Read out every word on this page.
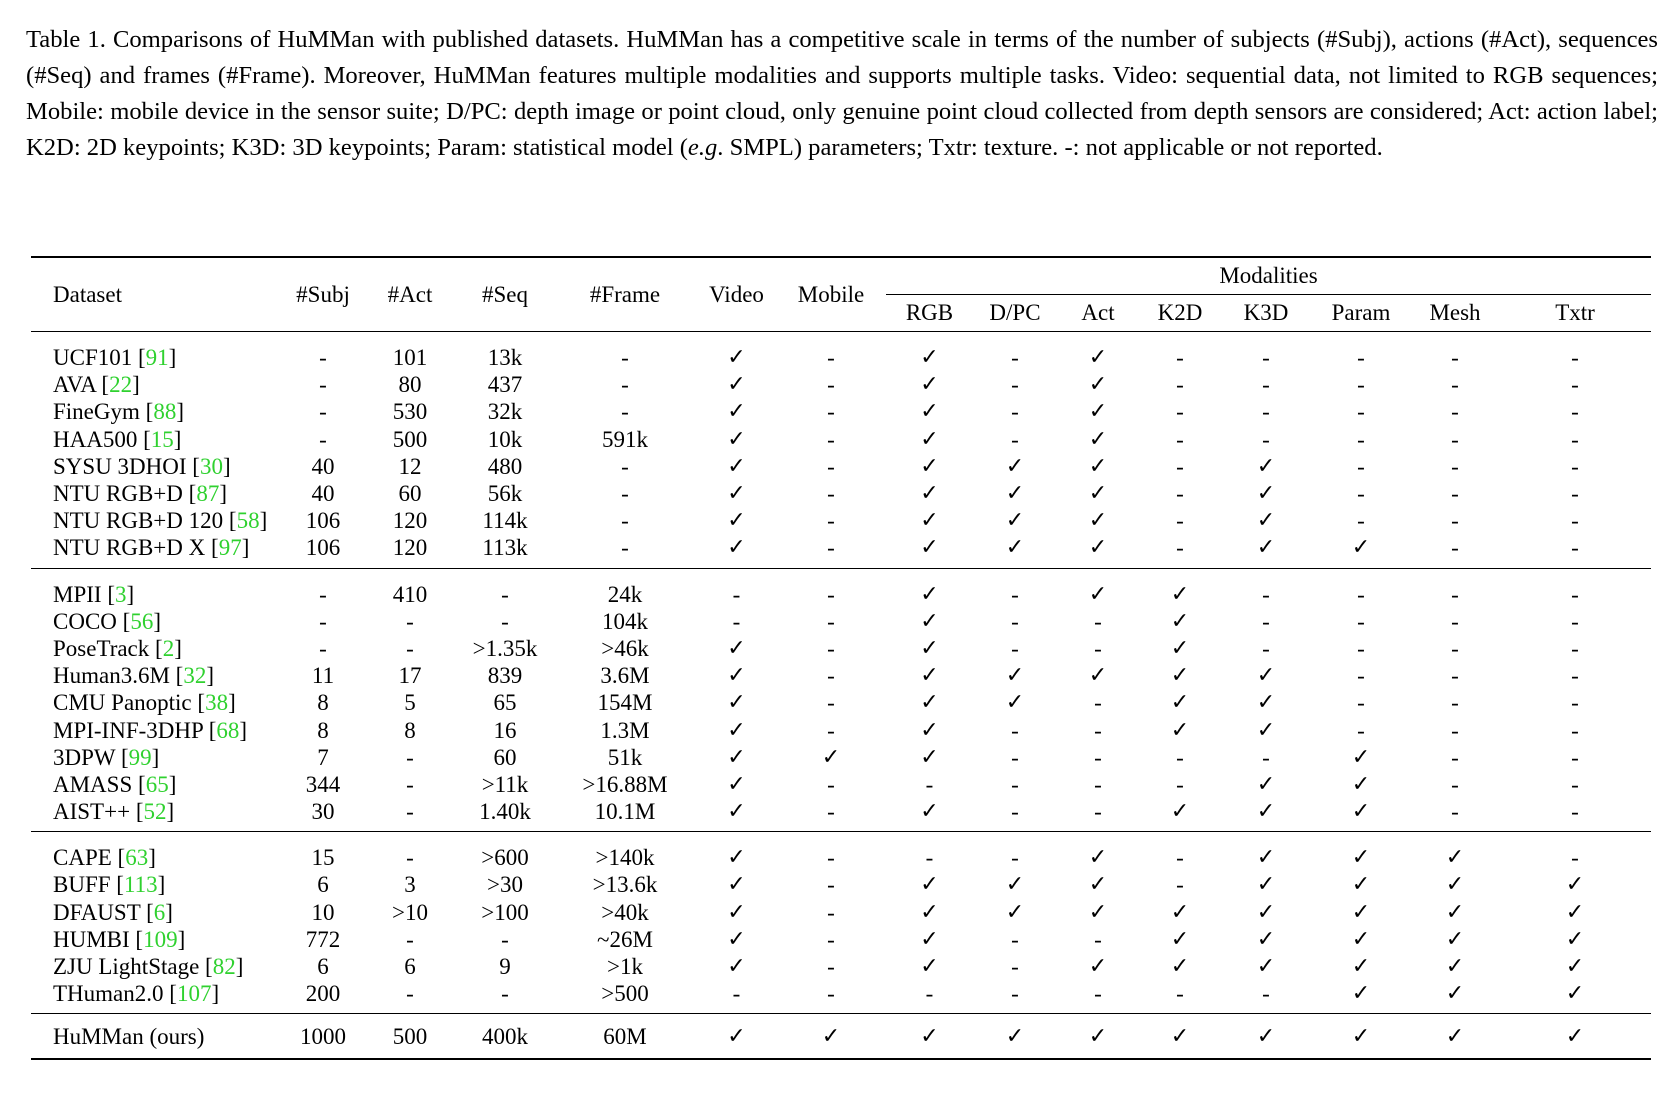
Table 1. Comparisons of HuMMan with published datasets. HuMMan has a competitive scale in terms of the number of subjects (#Subj), actions (#Act), sequences (#Seq) and frames (#Frame). Moreover, HuMMan features multiple modalities and supports multiple tasks. Video: sequential data, not limited to RGB sequences; Mobile: mobile device in the sensor suite; D/PC: depth image or point cloud, only genuine point cloud collected from depth sensors are considered; Act: action label; K2D: 2D keypoints; K3D: 3D keypoints; Param: statistical model (e.g. SMPL) parameters; Txtr: texture. -: not applicable or not reported.
Dataset	#Subj	#Act	#Seq	#Frame	Video	Mobile	Modalities							
							RGB	D/PC	Act	K2D	K3D	Param	Mesh	Txtr
UCF101 [91]	-	101	13k	-	✓	-	✓	-	✓	-	-	-	-	-
AVA [22]	-	80	437	-	✓	-	✓	-	✓	-	-	-	-	-
FineGym [88]	-	530	32k	-	✓	-	✓	-	✓	-	-	-	-	-
HAA500 [15]	-	500	10k	591k	✓	-	✓	-	✓	-	-	-	-	-
SYSU 3DHOI [30]	40	12	480	-	✓	-	✓	✓	✓	-	✓	-	-	-
NTU RGB+D [87]	40	60	56k	-	✓	-	✓	✓	✓	-	✓	-	-	-
NTU RGB+D 120 [58]	106	120	114k	-	✓	-	✓	✓	✓	-	✓	-	-	-
NTU RGB+D X [97]	106	120	113k	-	✓	-	✓	✓	✓	-	✓	✓	-	-
MPII [3]	-	410	-	24k	-	-	✓	-	✓	✓	-	-	-	-
COCO [56]	-	-	-	104k	-	-	✓	-	-	✓	-	-	-	-
PoseTrack [2]	-	-	>1.35k	>46k	✓	-	✓	-	-	✓	-	-	-	-
Human3.6M [32]	11	17	839	3.6M	✓	-	✓	✓	✓	✓	✓	-	-	-
CMU Panoptic [38]	8	5	65	154M	✓	-	✓	✓	-	✓	✓	-	-	-
MPI-INF-3DHP [68]	8	8	16	1.3M	✓	-	✓	-	-	✓	✓	-	-	-
3DPW [99]	7	-	60	51k	✓	✓	✓	-	-	-	-	✓	-	-
AMASS [65]	344	-	>11k	>16.88M	✓	-	-	-	-	-	✓	✓	-	-
AIST++ [52]	30	-	1.40k	10.1M	✓	-	✓	-	-	✓	✓	✓	-	-
CAPE [63]	15	-	>600	>140k	✓	-	-	-	✓	-	✓	✓	✓	-
BUFF [113]	6	3	>30	>13.6k	✓	-	✓	✓	✓	-	✓	✓	✓	✓
DFAUST [6]	10	>10	>100	>40k	✓	-	✓	✓	✓	✓	✓	✓	✓	✓
HUMBI [109]	772	-	-	~26M	✓	-	✓	-	-	✓	✓	✓	✓	✓
ZJU LightStage [82]	6	6	9	>1k	✓	-	✓	-	✓	✓	✓	✓	✓	✓
THuman2.0 [107]	200	-	-	>500	-	-	-	-	-	-	-	✓	✓	✓
HuMMan (ours)	1000	500	400k	60M	✓	✓	✓	✓	✓	✓	✓	✓	✓	✓
